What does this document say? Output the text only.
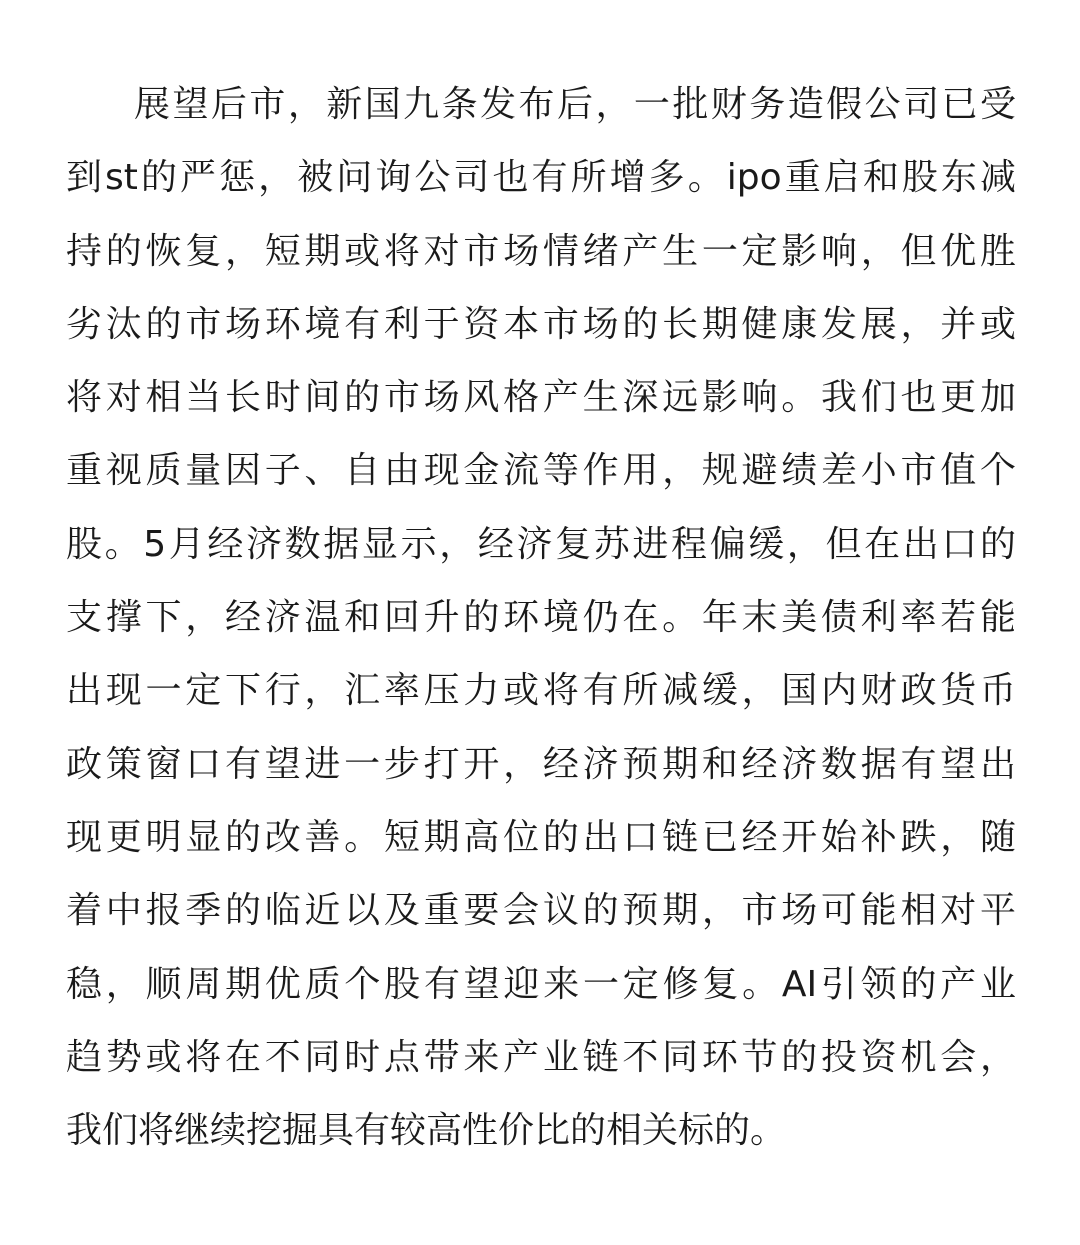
展望后市，新国九条发布后，一批财务造假公司已受
到st的严惩，被问询公司也有所增多。ipo重启和股东减
持的恢复，短期或将对市场情绪产生一定影响，但优胜
劣汰的市场环境有利于资本市场的长期健康发展，并或
将对相当长时间的市场风格产生深远影响。我们也更加
重视质量因子、自由现金流等作用，规避绩差小市值个
股。5月经济数据显示，经济复苏进程偏缓，但在出口的
支撑下，经济温和回升的环境仍在。年末美债利率若能
出现一定下行，汇率压力或将有所减缓，国内财政货币
政策窗口有望进一步打开，经济预期和经济数据有望出
现更明显的改善。短期高位的出口链已经开始补跌，随
着中报季的临近以及重要会议的预期，市场可能相对平
稳，顺周期优质个股有望迎来一定修复。AI引领的产业
趋势或将在不同时点带来产业链不同环节的投资机会，
我们将继续挖掘具有较高性价比的相关标的。
